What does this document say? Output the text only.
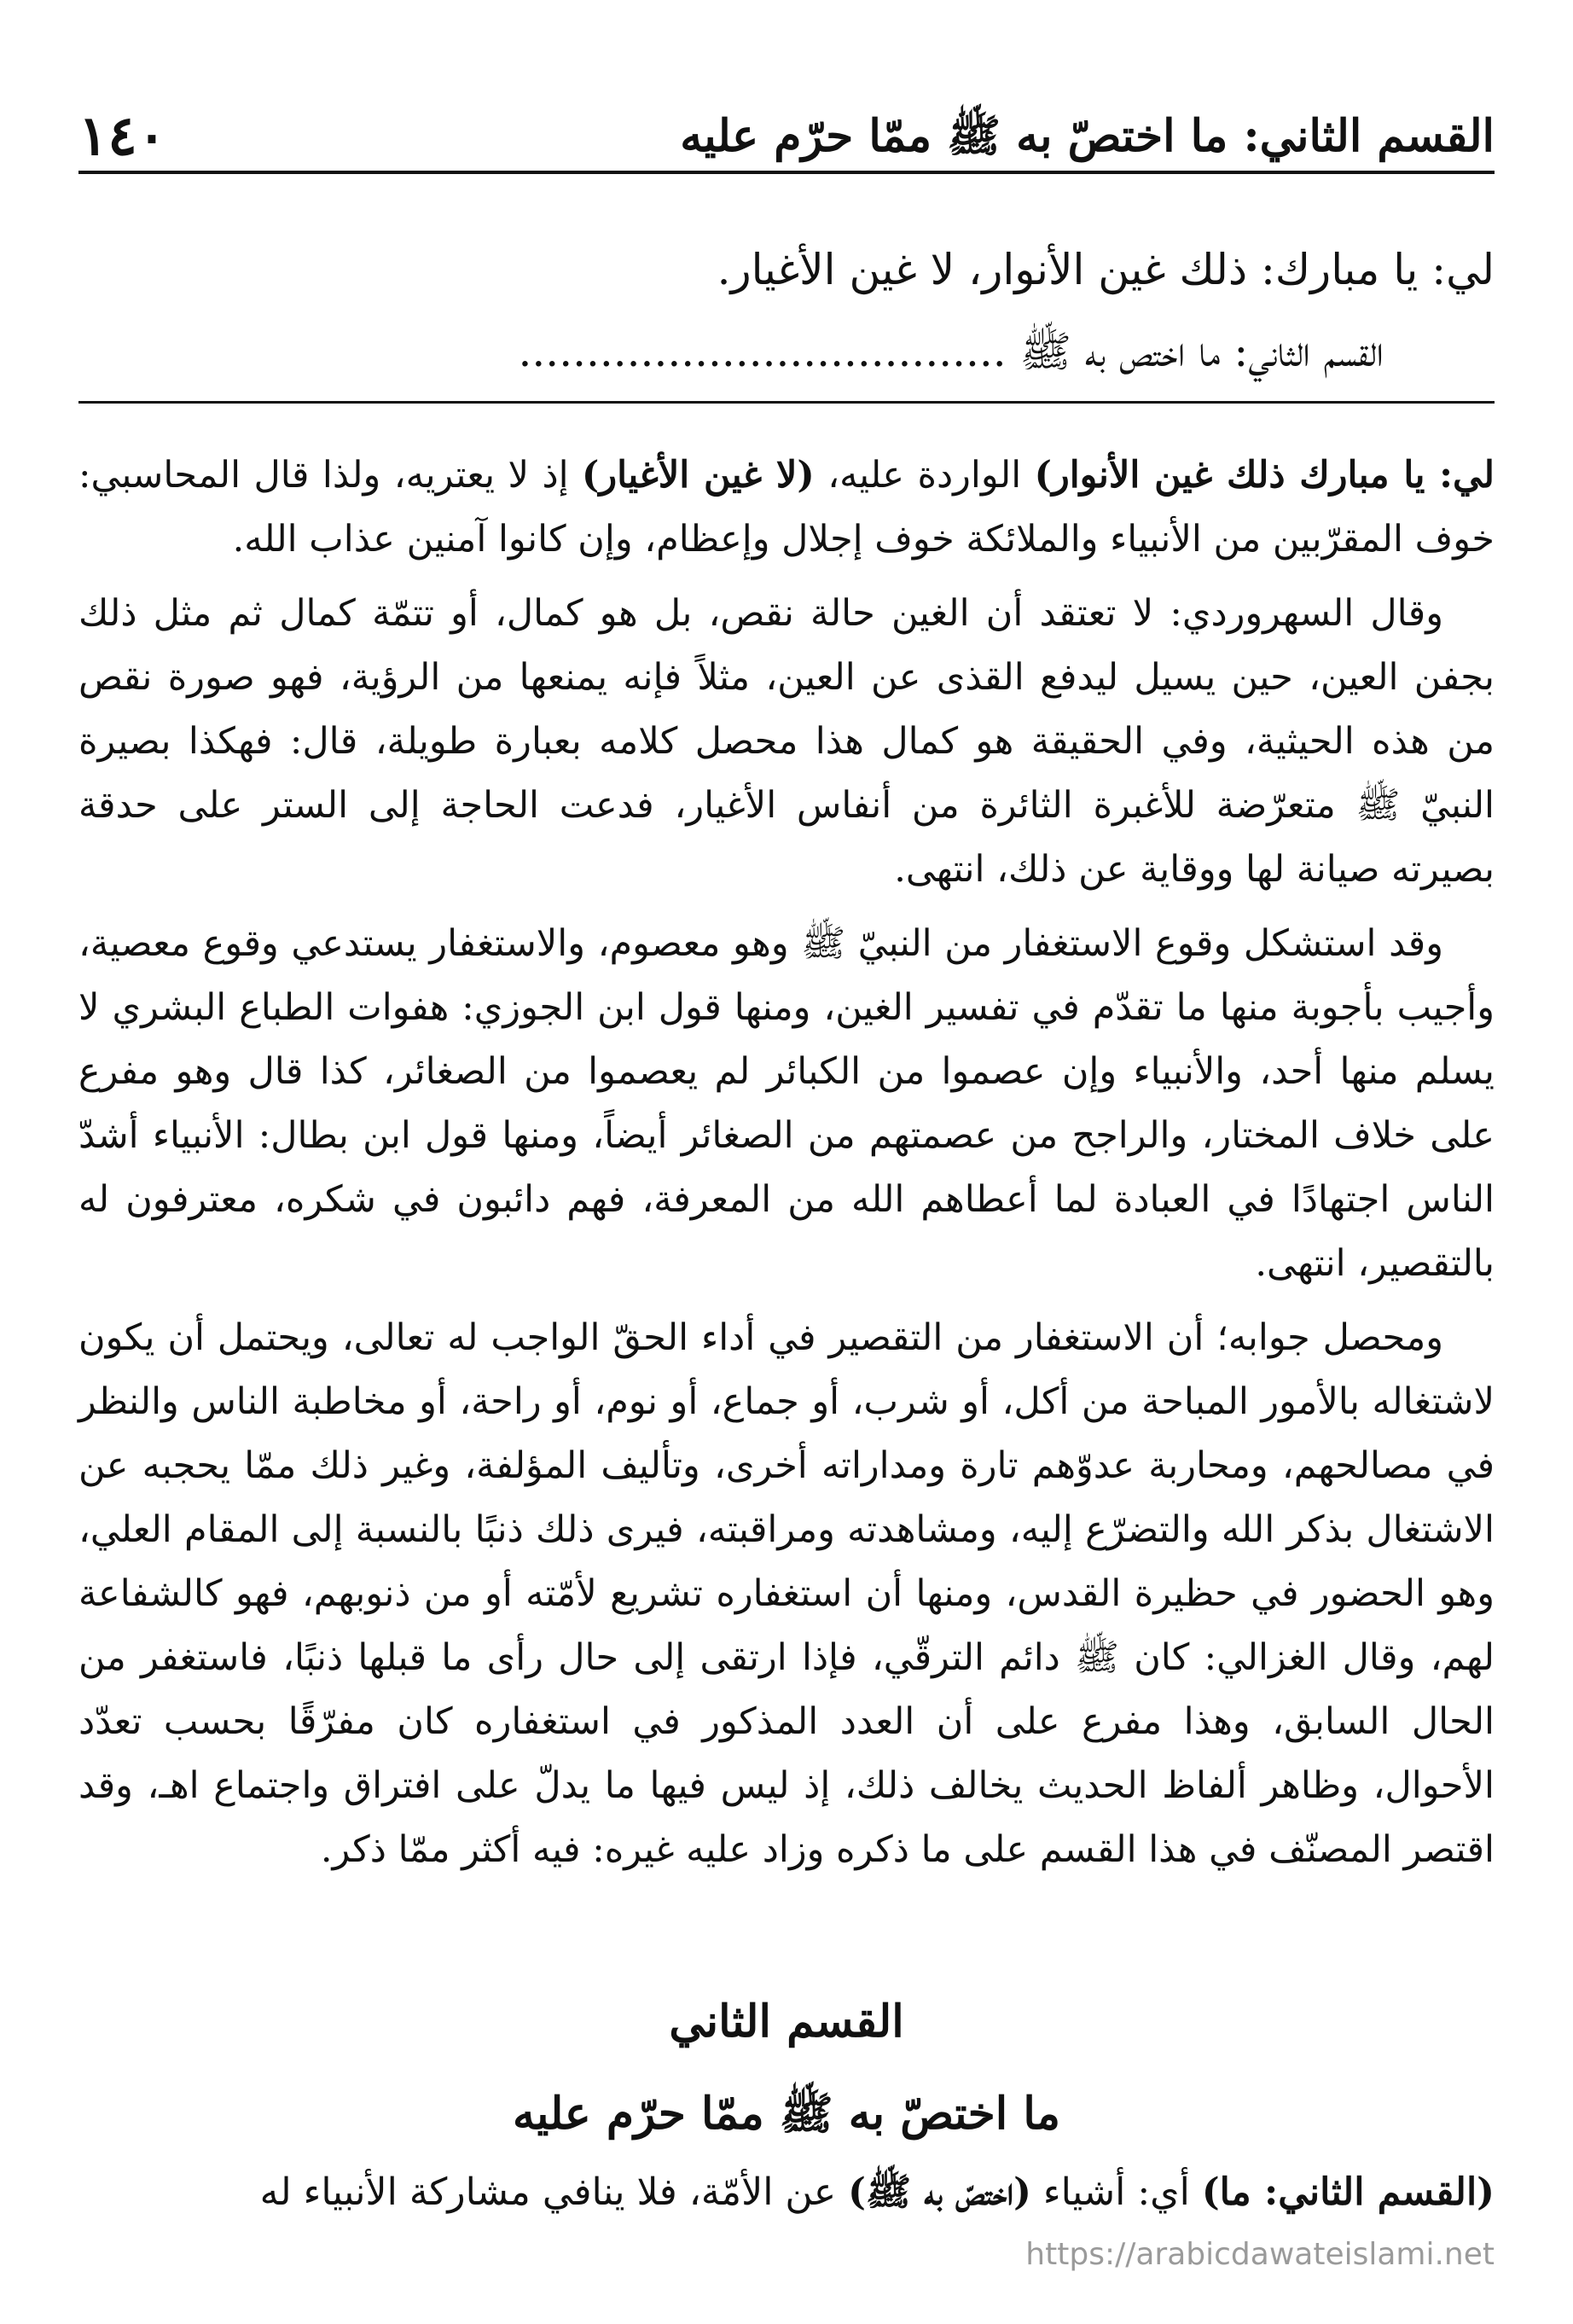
١٤٠	القسم الثاني: ما اختصّ به ﷺ ممّا حرّم عليه
لي: يا مبارك: ذلك غين الأنوار، لا غين الأغيار.
القسم الثاني: ما اختص به ﷺ ....................................

لي: يا مبارك ذلك غين الأنوار) الواردة عليه، (لا غين الأغيار) إذ لا يعتريه، ولذا قال المحاسبي: خوف المقرّبين من الأنبياء والملائكة خوف إجلال وإعظام، وإن كانوا آمنين عذاب الله.

وقال السهروردي: لا تعتقد أن الغين حالة نقص، بل هو كمال، أو تتمّة كمال ثم مثل ذلك بجفن العين، حين يسيل ليدفع القذى عن العين، مثلاً فإنه يمنعها من الرؤية، فهو صورة نقص من هذه الحيثية، وفي الحقيقة هو كمال هذا محصل كلامه بعبارة طويلة، قال: فهكذا بصيرة النبيّ ﷺ متعرّضة للأغبرة الثائرة من أنفاس الأغيار، فدعت الحاجة إلى الستر على حدقة بصيرته صيانة لها ووقاية عن ذلك، انتهى.

وقد استشكل وقوع الاستغفار من النبيّ ﷺ وهو معصوم، والاستغفار يستدعي وقوع معصية، وأجيب بأجوبة منها ما تقدّم في تفسير الغين، ومنها قول ابن الجوزي: هفوات الطباع البشري لا يسلم منها أحد، والأنبياء وإن عصموا من الكبائر لم يعصموا من الصغائر، كذا قال وهو مفرع على خلاف المختار، والراجح من عصمتهم من الصغائر أيضاً، ومنها قول ابن بطال: الأنبياء أشدّ الناس اجتهادًا في العبادة لما أعطاهم الله من المعرفة، فهم دائبون في شكره، معترفون له بالتقصير، انتهى.

ومحصل جوابه؛ أن الاستغفار من التقصير في أداء الحقّ الواجب له تعالى، ويحتمل أن يكون لاشتغاله بالأمور المباحة من أكل، أو شرب، أو جماع، أو نوم، أو راحة، أو مخاطبة الناس والنظر في مصالحهم، ومحاربة عدوّهم تارة ومداراته أخرى، وتأليف المؤلفة، وغير ذلك ممّا يحجبه عن الاشتغال بذكر الله والتضرّع إليه، ومشاهدته ومراقبته، فيرى ذلك ذنبًا بالنسبة إلى المقام العلي، وهو الحضور في حظيرة القدس، ومنها أن استغفاره تشريع لأمّته أو من ذنوبهم، فهو كالشفاعة لهم، وقال الغزالي: كان ﷺ دائم الترقّي، فإذا ارتقى إلى حال رأى ما قبلها ذنبًا، فاستغفر من الحال السابق، وهذا مفرع على أن العدد المذكور في استغفاره كان مفرّقًا بحسب تعدّد الأحوال، وظاهر ألفاظ الحديث يخالف ذلك، إذ ليس فيها ما يدلّ على افتراق واجتماع اهـ، وقد اقتصر المصنّف في هذا القسم على ما ذكره وزاد عليه غيره: فيه أكثر ممّا ذكر.

القسم الثاني
ما اختصّ به ﷺ ممّا حرّم عليه
(القسم الثاني: ما) أي: أشياء (اختصّ به ﷺ) عن الأمّة، فلا ينافي مشاركة الأنبياء له
https://arabicdawateislami.net
